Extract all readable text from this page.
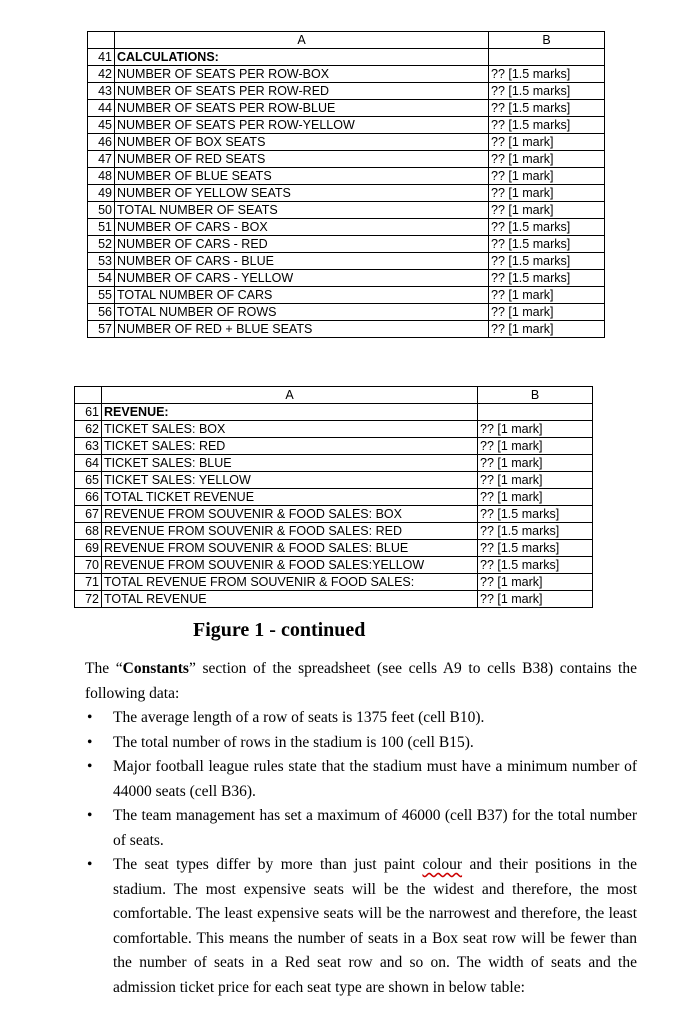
	A	B
41	CALCULATIONS:	
42	NUMBER OF SEATS PER ROW-BOX	?? [1.5 marks]
43	NUMBER OF SEATS PER ROW-RED	?? [1.5 marks]
44	NUMBER OF SEATS PER ROW-BLUE	?? [1.5 marks]
45	NUMBER OF SEATS PER ROW-YELLOW	?? [1.5 marks]
46	NUMBER OF BOX SEATS	?? [1 mark]
47	NUMBER OF RED SEATS	?? [1 mark]
48	NUMBER OF BLUE SEATS	?? [1 mark]
49	NUMBER OF YELLOW SEATS	?? [1 mark]
50	TOTAL NUMBER OF SEATS	?? [1 mark]
51	NUMBER OF CARS - BOX	?? [1.5 marks]
52	NUMBER OF CARS - RED	?? [1.5 marks]
53	NUMBER OF CARS - BLUE	?? [1.5 marks]
54	NUMBER OF CARS - YELLOW	?? [1.5 marks]
55	TOTAL NUMBER OF CARS	?? [1 mark]
56	TOTAL NUMBER OF ROWS	?? [1 mark]
57	NUMBER OF RED + BLUE SEATS	?? [1 mark]
	A	B
61	REVENUE:	
62	TICKET SALES: BOX	?? [1 mark]
63	TICKET SALES: RED	?? [1 mark]
64	TICKET SALES: BLUE	?? [1 mark]
65	TICKET SALES: YELLOW	?? [1 mark]
66	TOTAL TICKET REVENUE	?? [1 mark]
67	REVENUE FROM SOUVENIR & FOOD SALES: BOX	?? [1.5 marks]
68	REVENUE FROM SOUVENIR & FOOD SALES: RED	?? [1.5 marks]
69	REVENUE FROM SOUVENIR & FOOD SALES: BLUE	?? [1.5 marks]
70	REVENUE FROM SOUVENIR & FOOD SALES:YELLOW	?? [1.5 marks]
71	TOTAL REVENUE FROM SOUVENIR & FOOD SALES:	?? [1 mark]
72	TOTAL REVENUE	?? [1 mark]
Figure 1 - continued

The “Constants” section of the spreadsheet (see cells A9 to cells B38) contains the following data:

• The average length of a row of seats is 1375 feet (cell B10).
• The total number of rows in the stadium is 100 (cell B15).
• Major football league rules state that the stadium must have a minimum number of 44000 seats (cell B36).
• The team management has set a maximum of 46000 (cell B37) for the total number of seats.
• The seat types differ by more than just paint colour and their positions in the stadium. The most expensive seats will be the widest and therefore, the most comfortable. The least expensive seats will be the narrowest and therefore, the least comfortable. This means the number of seats in a Box seat row will be fewer than the number of seats in a Red seat row and so on. The width of seats and the admission ticket price for each seat type are shown in below table:
